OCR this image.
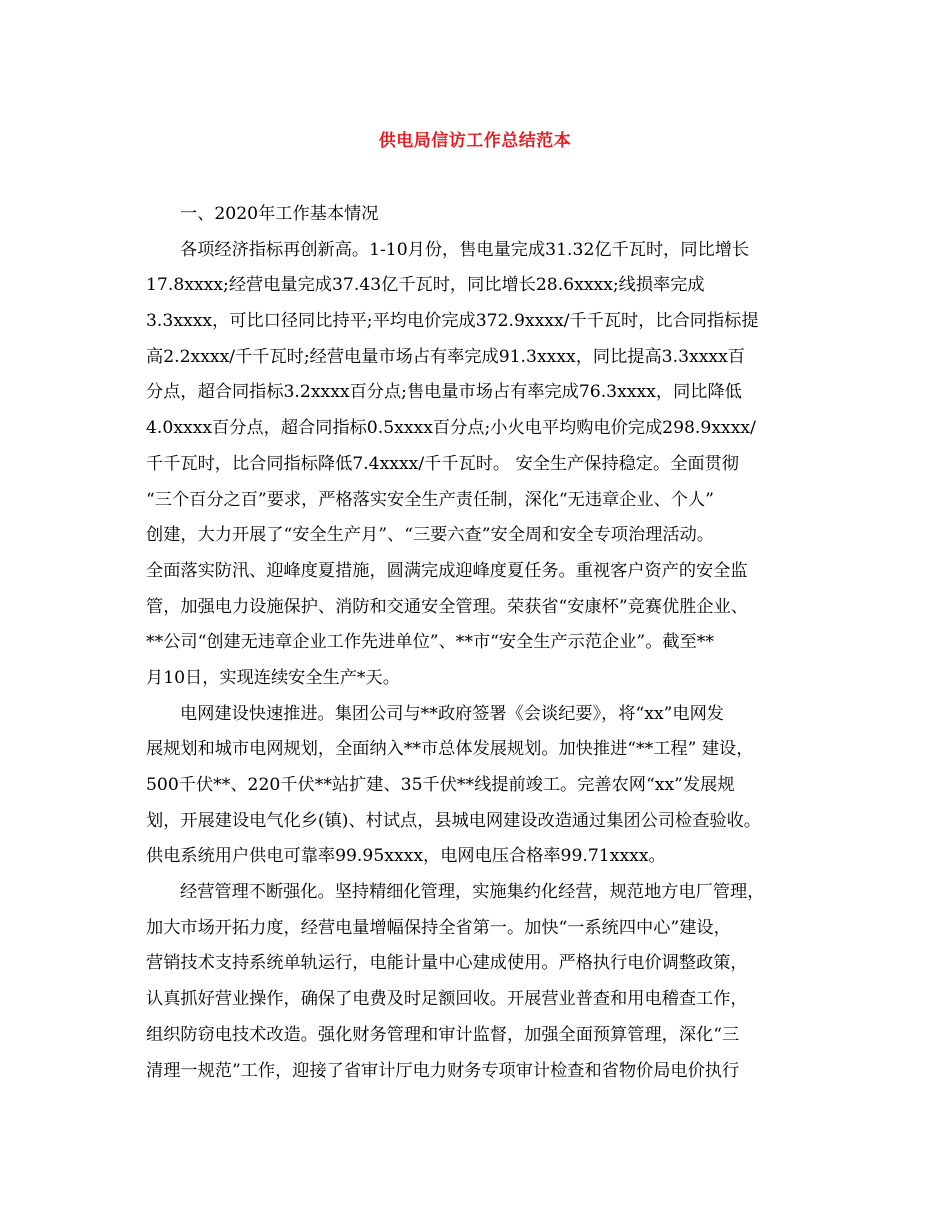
供电局信访工作总结范本
一、2020年工作基本情况
各项经济指标再创新高。1-10月份，售电量完成31.32亿千瓦时，同比增长
17.8xxxx;经营电量完成37.43亿千瓦时，同比增长28.6xxxx;线损率完成
3.3xxxx，可比口径同比持平;平均电价完成372.9xxxx/千千瓦时，比合同指标提
高2.2xxxx/千千瓦时;经营电量市场占有率完成91.3xxxx，同比提高3.3xxxx百
分点，超合同指标3.2xxxx百分点;售电量市场占有率完成76.3xxxx，同比降低
4.0xxxx百分点，超合同指标0.5xxxx百分点;小火电平均购电价完成298.9xxxx/
千千瓦时，比合同指标降低7.4xxxx/千千瓦时。 安全生产保持稳定。全面贯彻
“三个百分之百”要求，严格落实安全生产责任制，深化“无违章企业、个人”
创建，大力开展了“安全生产月”、“三要六查”安全周和安全专项治理活动。
全面落实防汛、迎峰度夏措施，圆满完成迎峰度夏任务。重视客户资产的安全监
管，加强电力设施保护、消防和交通安全管理。荣获省“安康杯”竞赛优胜企业、
**公司“创建无违章企业工作先进单位”、**市“安全生产示范企业”。截至**
月10日，实现连续安全生产*天。
电网建设快速推进。集团公司与**政府签署《会谈纪要》，将“xx”电网发
展规划和城市电网规划，全面纳入**市总体发展规划。加快推进“**工程” 建设，
500千伏**、220千伏**站扩建、35千伏**线提前竣工。完善农网“xx”发展规
划，开展建设电气化乡(镇)、村试点，县城电网建设改造通过集团公司检查验收。
供电系统用户供电可靠率99.95xxxx，电网电压合格率99.71xxxx。
经营管理不断强化。坚持精细化管理，实施集约化经营，规范地方电厂管理，
加大市场开拓力度，经营电量增幅保持全省第一。加快“一系统四中心”建设，
营销技术支持系统单轨运行，电能计量中心建成使用。严格执行电价调整政策，
认真抓好营业操作，确保了电费及时足额回收。开展营业普查和用电稽查工作，
组织防窃电技术改造。强化财务管理和审计监督，加强全面预算管理，深化“三
清理一规范”工作，迎接了省审计厅电力财务专项审计检查和省物价局电价执行
